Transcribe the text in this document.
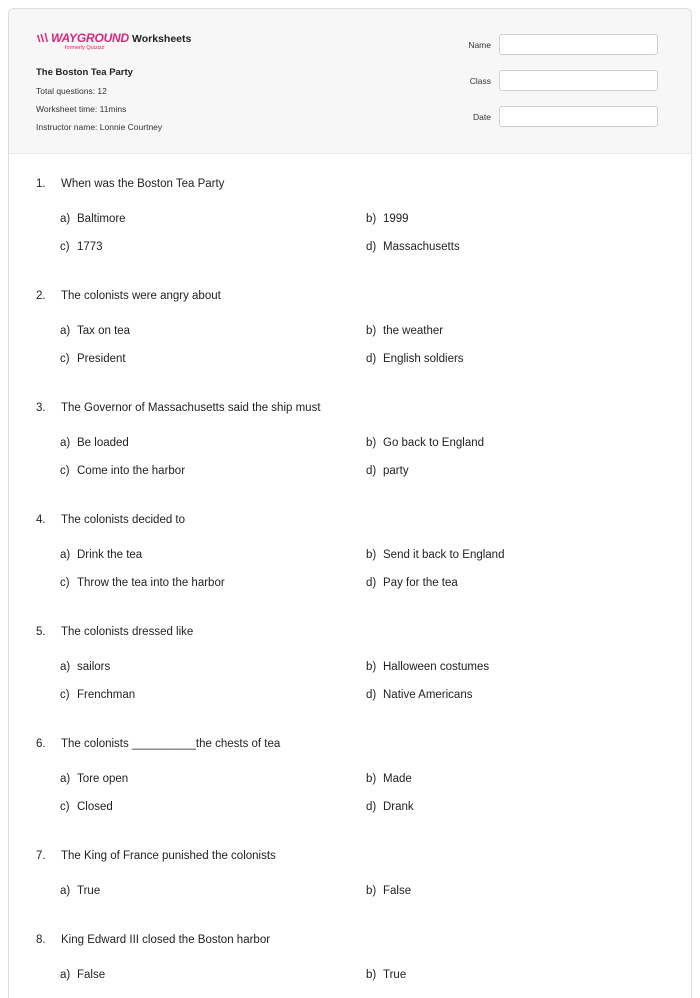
WAYGROUND
formerly Quizizz
Worksheets
The Boston Tea Party
Total questions: 12
Worksheet time: 11mins
Instructor name: Lonnie Courtney
Name
Class
Date
1. When was the Boston Tea Party
a) Baltimore	b) 1999
c) 1773	d) Massachusetts
2. The colonists were angry about
a) Tax on tea	b) the weather
c) President	d) English soldiers
3. The Governor of Massachusetts said the ship must
a) Be loaded	b) Go back to England
c) Come into the harbor	d) party
4. The colonists decided to
a) Drink the tea	b) Send it back to England
c) Throw the tea into the harbor	d) Pay for the tea
5. The colonists dressed like
a) sailors	b) Halloween costumes
c) Frenchman	d) Native Americans
6. The colonists __________the chests of tea
a) Tore open	b) Made
c) Closed	d) Drank
7. The King of France punished the colonists
a) True	b) False
8. King Edward III closed the Boston harbor
a) False	b) True
